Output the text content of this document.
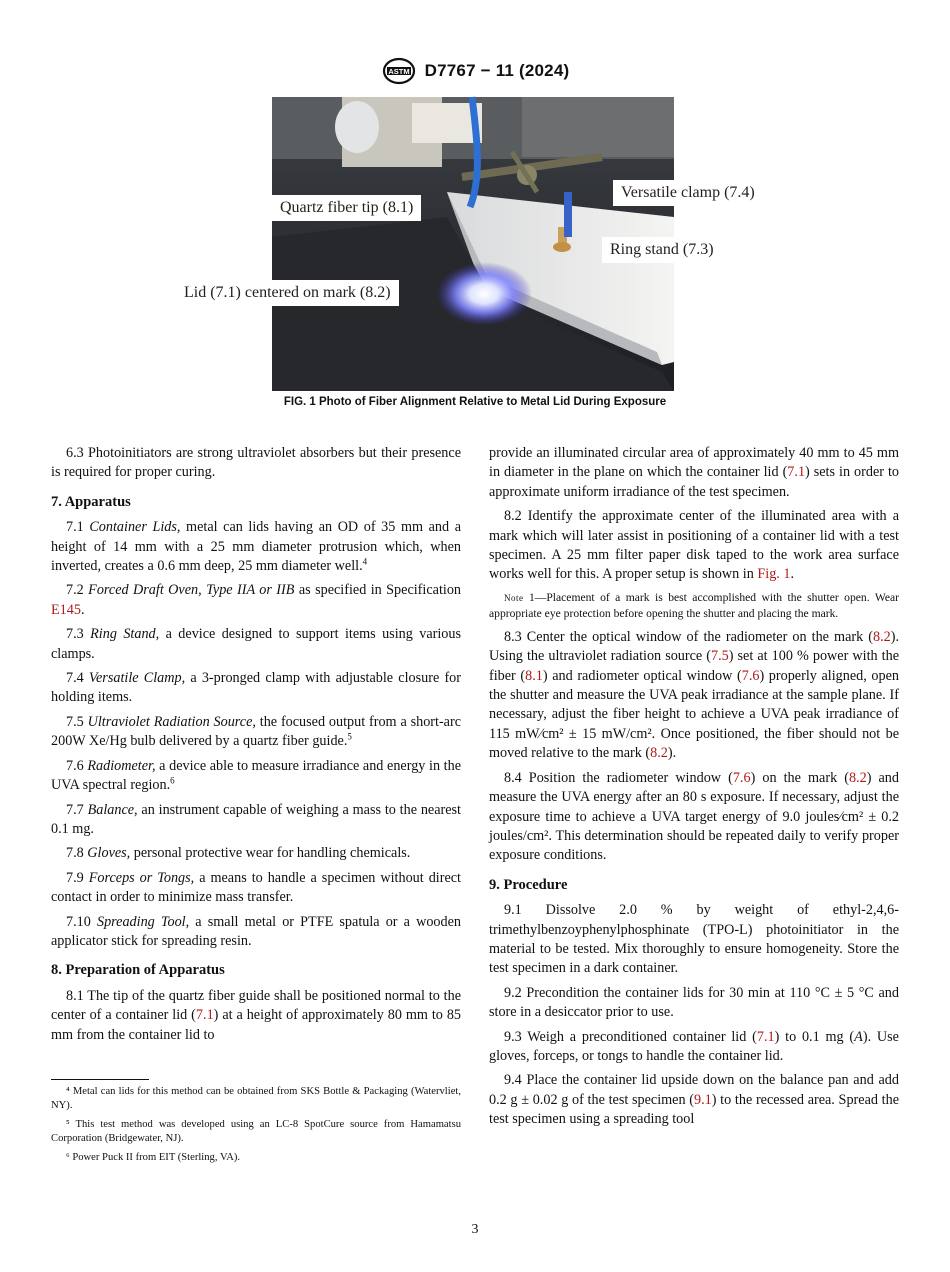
ASTM D7767 − 11 (2024)
Quartz fiber tip (8.1)
Versatile clamp (7.4)
Ring stand (7.3)
Lid (7.1) centered on mark (8.2)
FIG. 1 Photo of Fiber Alignment Relative to Metal Lid During Exposure

6.3 Photoinitiators are strong ultraviolet absorbers but their presence is required for proper curing.

7. Apparatus

7.1 Container Lids, metal can lids having an OD of 35 mm and a height of 14 mm with a 25 mm diameter protrusion which, when inverted, creates a 0.6 mm deep, 25 mm diameter well.$^4$

7.2 Forced Draft Oven, Type IIA or IIB as specified in Specification E145.

7.3 Ring Stand, a device designed to support items using various clamps.

7.4 Versatile Clamp, a 3-pronged clamp with adjustable closure for holding items.

7.5 Ultraviolet Radiation Source, the focused output from a short-arc 200W Xe/Hg bulb delivered by a quartz fiber guide.$^5$

7.6 Radiometer, a device able to measure irradiance and energy in the UVA spectral region.$^6$

7.7 Balance, an instrument capable of weighing a mass to the nearest 0.1 mg.

7.8 Gloves, personal protective wear for handling chemicals.

7.9 Forceps or Tongs, a means to handle a specimen without direct contact in order to minimize mass transfer.

7.10 Spreading Tool, a small metal or PTFE spatula or a wooden applicator stick for spreading resin.

8. Preparation of Apparatus

8.1 The tip of the quartz fiber guide shall be positioned normal to the center of a container lid (7.1) at a height of approximately 80 mm to 85 mm from the container lid to

⁴ Metal can lids for this method can be obtained from SKS Bottle & Packaging (Watervliet, NY).

⁵ This test method was developed using an LC-8 SpotCure source from Hamamatsu Corporation (Bridgewater, NJ).

⁶ Power Puck II from EIT (Sterling, VA).

provide an illuminated circular area of approximately 40 mm to 45 mm in diameter in the plane on which the container lid (7.1) sets in order to approximate uniform irradiance of the test specimen.

8.2 Identify the approximate center of the illuminated area with a mark which will later assist in positioning of a container lid with a test specimen. A 25 mm filter paper disk taped to the work area surface works well for this. A proper setup is shown in Fig. 1.

Note 1—Placement of a mark is best accomplished with the shutter open. Wear appropriate eye protection before opening the shutter and placing the mark.

8.3 Center the optical window of the radiometer on the mark (8.2). Using the ultraviolet radiation source (7.5) set at 100 % power with the fiber (8.1) and radiometer optical window (7.6) properly aligned, open the shutter and measure the UVA peak irradiance at the sample plane. If necessary, adjust the fiber height to achieve a UVA peak irradiance of 115 mW⁄cm² ± 15 mW/cm². Once positioned, the fiber should not be moved relative to the mark (8.2).

8.4 Position the radiometer window (7.6) on the mark (8.2) and measure the UVA energy after an 80 s exposure. If necessary, adjust the exposure time to achieve a UVA target energy of 9.0 joules⁄cm² ± 0.2 joules/cm². This determination should be repeated daily to verify proper exposure conditions.

9. Procedure

9.1 Dissolve 2.0 % by weight of ethyl-2,4,6-trimethylbenzoyphenylphosphinate (TPO-L) photoinitiator in the material to be tested. Mix thoroughly to ensure homogeneity. Store the test specimen in a dark container.

9.2 Precondition the container lids for 30 min at 110 °C ± 5 °C and store in a desiccator prior to use.

9.3 Weigh a preconditioned container lid (7.1) to 0.1 mg (A). Use gloves, forceps, or tongs to handle the container lid.

9.4 Place the container lid upside down on the balance pan and add 0.2 g ± 0.02 g of the test specimen (9.1) to the recessed area. Spread the test specimen using a spreading tool

3
